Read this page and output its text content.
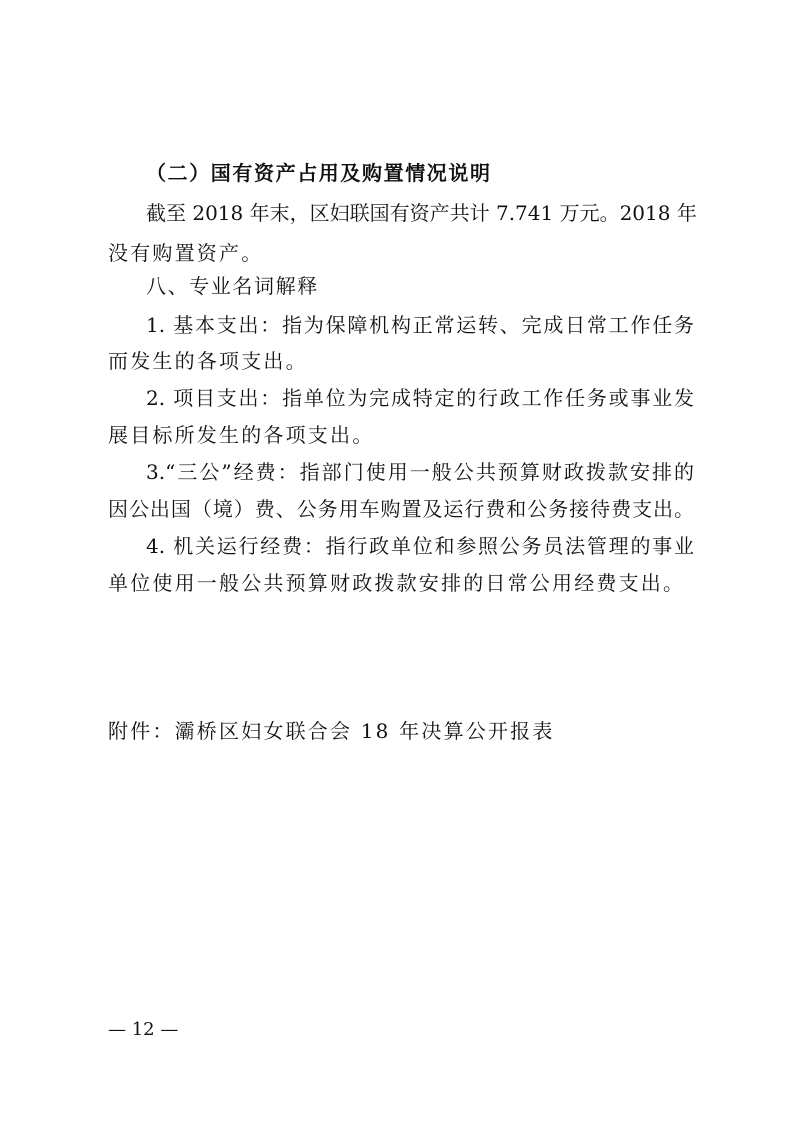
（二）国有资产占用及购置情况说明
截至 2018 年末，区妇联国有资产共计 7.741 万元。2018 年
没有购置资产。
八、专业名词解释
1. 基本支出：指为保障机构正常运转、完成日常工作任务
而发生的各项支出。
2. 项目支出：指单位为完成特定的行政工作任务或事业发
展目标所发生的各项支出。
3.“三公”经费：指部门使用一般公共预算财政拨款安排的
因公出国（境）费、公务用车购置及运行费和公务接待费支出。
4. 机关运行经费：指行政单位和参照公务员法管理的事业
单位使用一般公共预算财政拨款安排的日常公用经费支出。
附件：灞桥区妇女联合会 18 年决算公开报表
— 12 —
